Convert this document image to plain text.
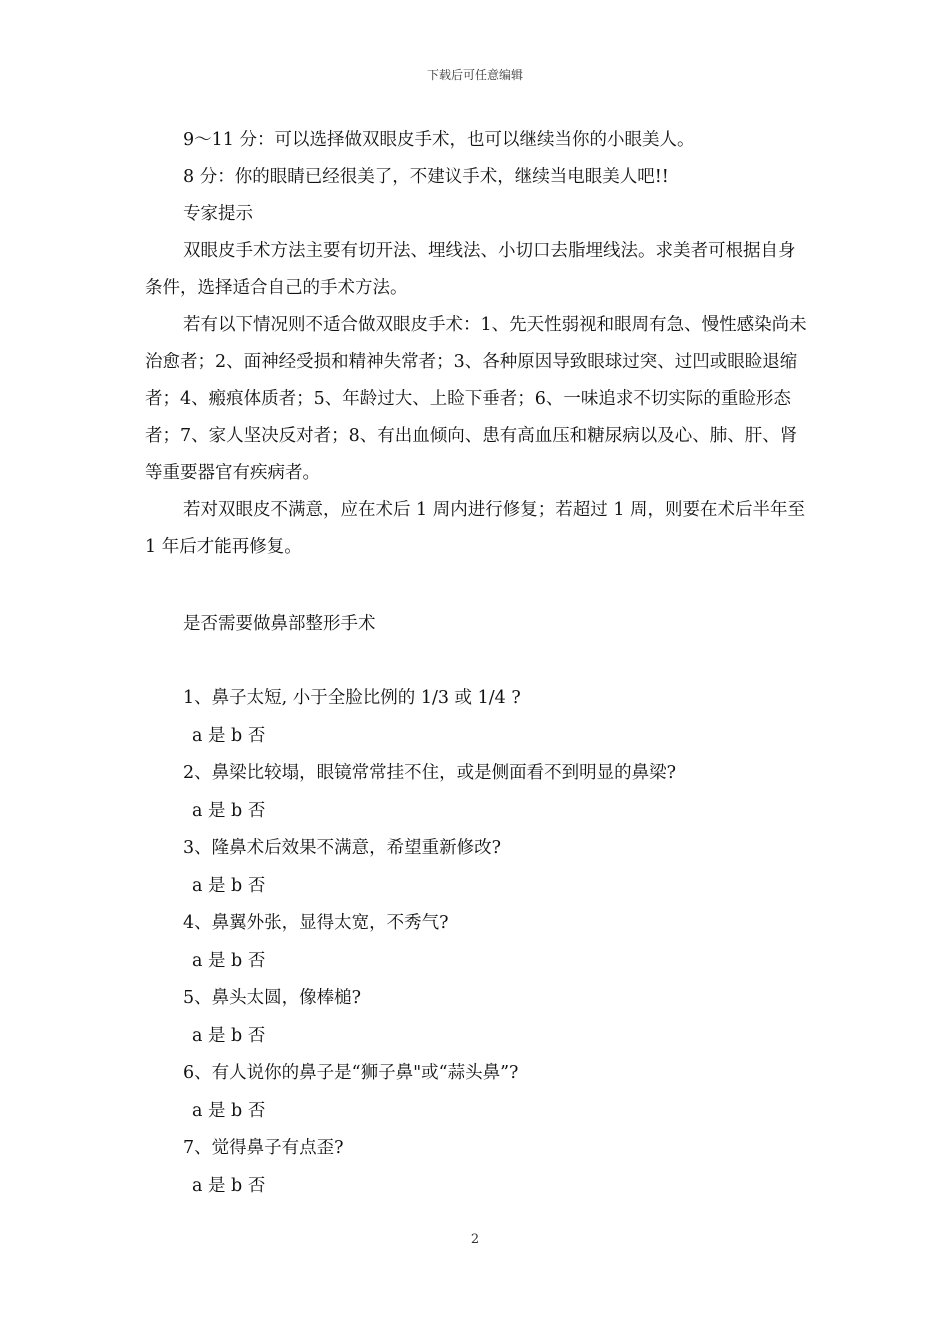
下载后可任意编辑

9～11 分：可以选择做双眼皮手术，也可以继续当你的小眼美人。

8 分：你的眼睛已经很美了，不建议手术，继续当电眼美人吧!!

专家提示

双眼皮手术方法主要有切开法、埋线法、小切口去脂埋线法。求美者可根据自身条件，选择适合自己的手术方法。

若有以下情况则不适合做双眼皮手术：1、先天性弱视和眼周有急、慢性感染尚未治愈者；2、面神经受损和精神失常者；3、各种原因导致眼球过突、过凹或眼睑退缩者；4、瘢痕体质者；5、年龄过大、上睑下垂者；6、一味追求不切实际的重睑形态者；7、家人坚决反对者；8、有出血倾向、患有高血压和糖尿病以及心、肺、肝、肾等重要器官有疾病者。

若对双眼皮不满意，应在术后 1 周内进行修复；若超过 1 周，则要在术后半年至 1 年后才能再修复。

是否需要做鼻部整形手术

1、鼻子太短, 小于全脸比例的 1/3 或 1/4 ?

a 是 b 否

2、鼻梁比较塌，眼镜常常挂不住，或是侧面看不到明显的鼻梁?

a 是 b 否

3、隆鼻术后效果不满意，希望重新修改?

a 是 b 否

4、鼻翼外张，显得太宽，不秀气?

a 是 b 否

5、鼻头太圆，像棒槌?

a 是 b 否

6、有人说你的鼻子是“狮子鼻"或“蒜头鼻”?

a 是 b 否

7、觉得鼻子有点歪?

a 是 b 否

2
